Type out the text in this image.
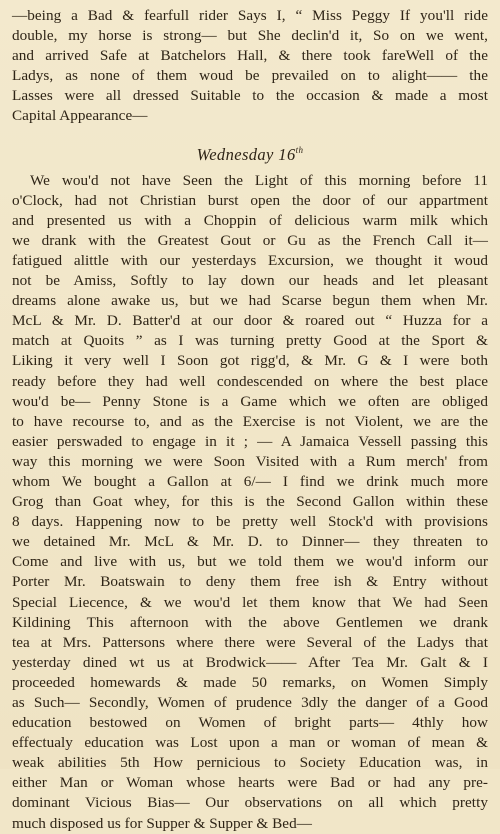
—being a Bad & fearfull rider Says I, “ Miss Peggy If you'll ride
double, my horse is strong— but She declin'd it, So on we went,
and arrived Safe at Batchelors Hall, & there took fareWell of the
Ladys, as none of them woud be prevailed on to alight—— the
Lasses were all dressed Suitable to the occasion & made a most
Capital Appearance—
Wednesday 16th
We wou'd not have Seen the Light of this morning before 11
o'Clock, had not Christian burst open the door of our appartment
and presented us with a Choppin of delicious warm milk which
we drank with the Greatest Gout or Gu as the French Call it—
fatigued alittle with our yesterdays Excursion, we thought it woud
not be Amiss, Softly to lay down our heads and let pleasant
dreams alone awake us, but we had Scarse begun them when Mr.
McL & Mr. D. Batter'd at our door & roared out “ Huzza for a
match at Quoits ” as I was turning pretty Good at the Sport &
Liking it very well I Soon got rigg'd, & Mr. G & I were both
ready before they had well condescended on where the best place
wou'd be— Penny Stone is a Game which we often are obliged
to have recourse to, and as the Exercise is not Violent, we are the
easier perswaded to engage in it ; — A Jamaica Vessell passing this
way this morning we were Soon Visited with a Rum merch' from
whom We bought a Gallon at 6/— I find we drink much more
Grog than Goat whey, for this is the Second Gallon within these
8 days. Happening now to be pretty well Stock'd with provisions
we detained Mr. McL & Mr. D. to Dinner— they threaten to
Come and live with us, but we told them we wou'd inform our
Porter Mr. Boatswain to deny them free ish & Entry without
Special Liecence, & we wou'd let them know that We had Seen
Kildining This afternoon with the above Gentlemen we drank
tea at Mrs. Pattersons where there were Several of the Ladys that
yesterday dined wt us at Brodwick—— After Tea Mr. Galt & I
proceeded homewards & made 50 remarks, on Women Simply
as Such— Secondly, Women of prudence 3dly the danger of a Good
education bestowed on Women of bright parts— 4thly how
effectualy education was Lost upon a man or woman of mean &
weak abilities 5th How pernicious to Society Education was, in
either Man or Woman whose hearts were Bad or had any pre-
dominant Vicious Bias— Our observations on all which pretty
much disposed us for Supper & Supper & Bed—
